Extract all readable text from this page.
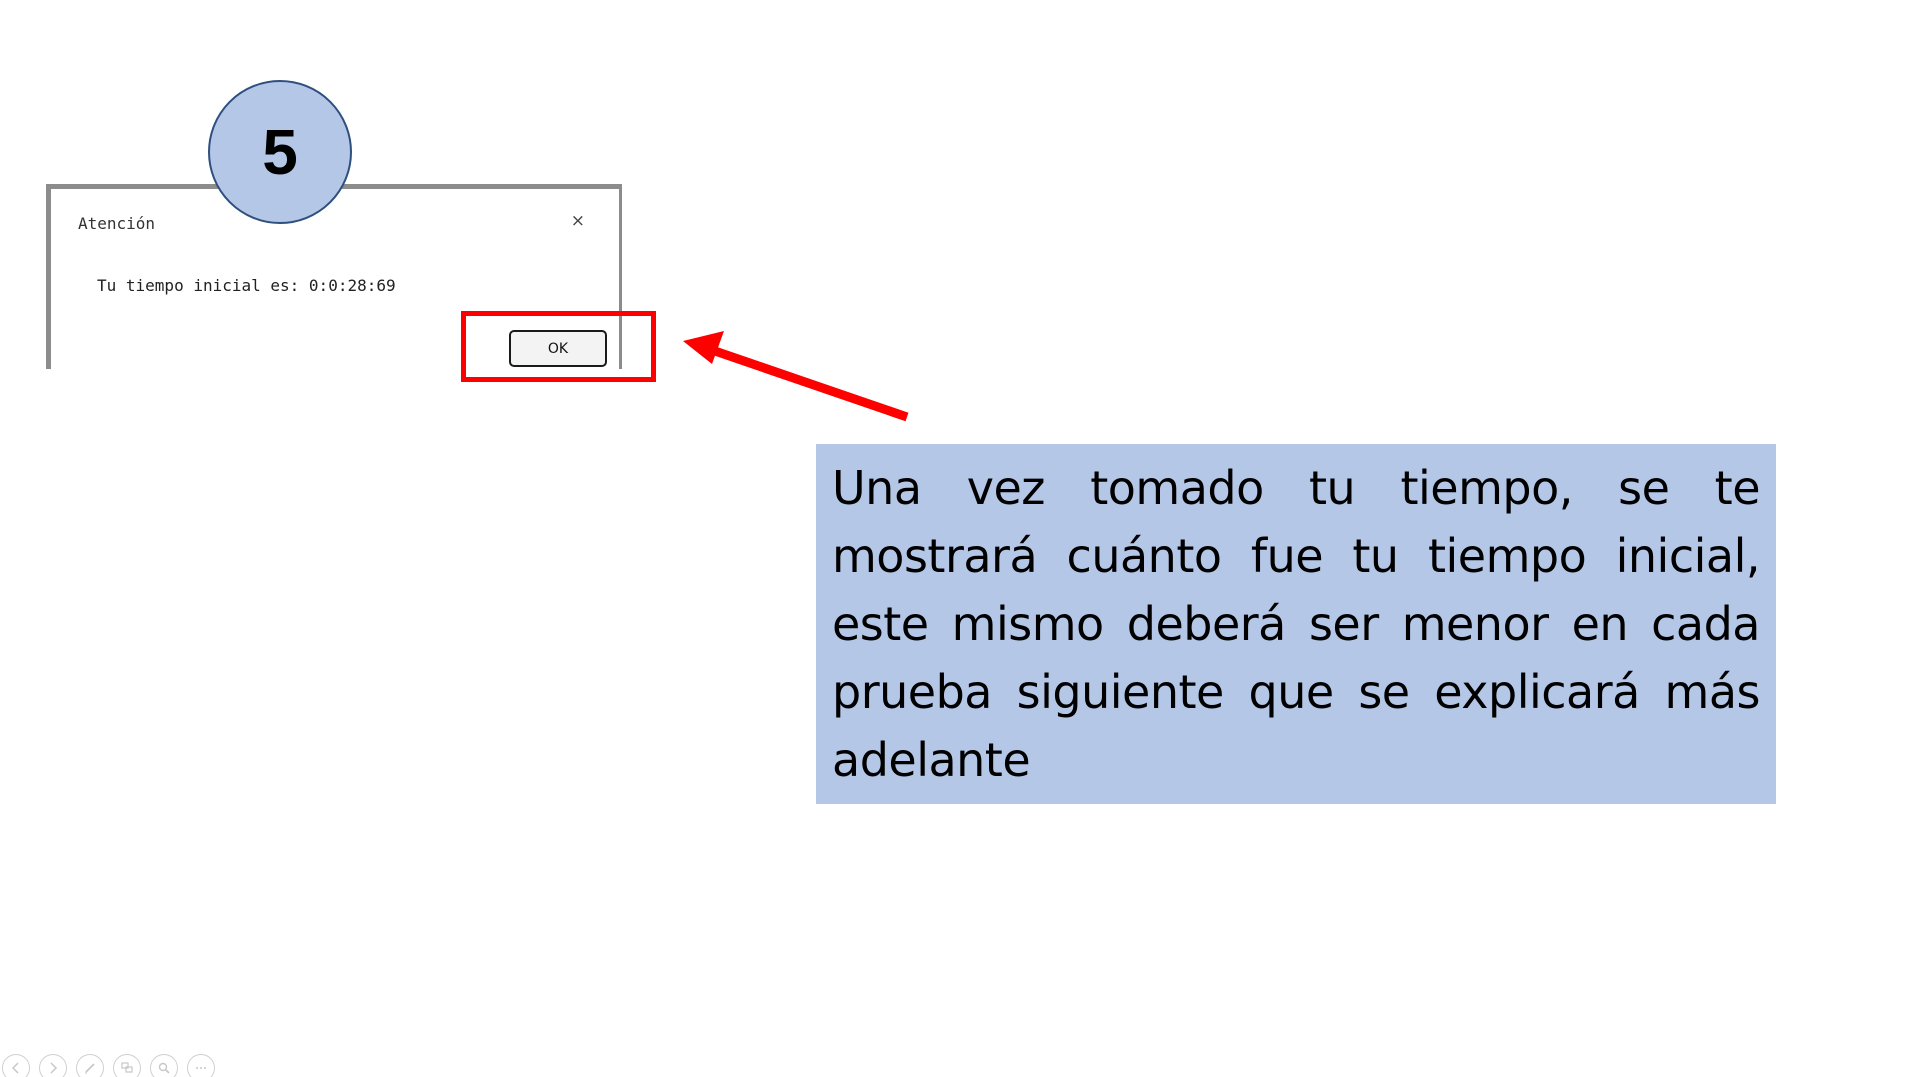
Atención	×
Tu tiempo inicial es: 0:0:28:69
OK
5

Una vez tomado tu tiempo, se te mostrará cuánto fue tu tiempo inicial, este mismo deberá ser menor en cada prueba siguiente que se explicará más adelante
